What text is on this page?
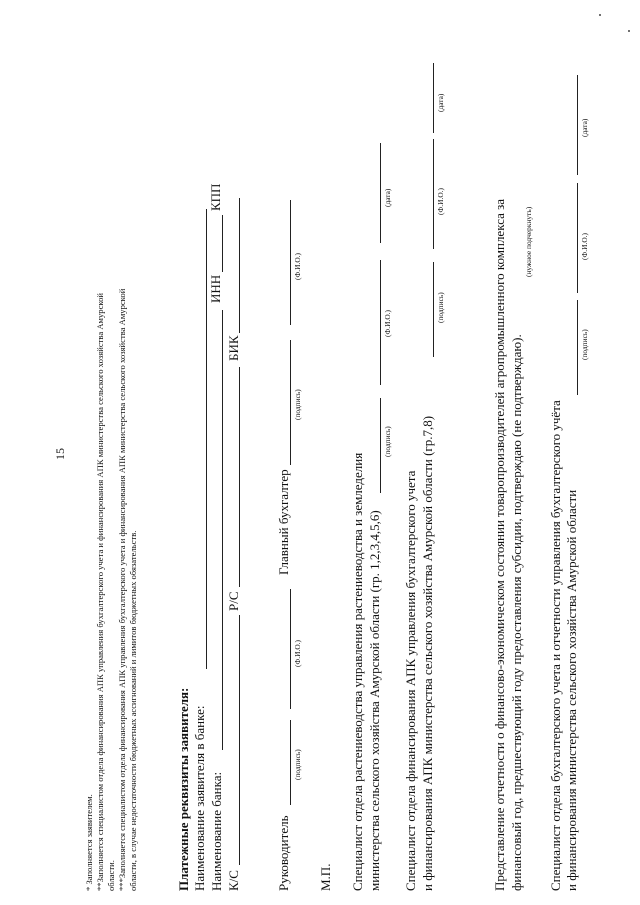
15
* Заполняется заявителем. **Заполняется специалистом отдела финансирования АПК управления бухгалтерского учета и финансирования АПК министерства сельского хозяйства Амурской области. ***Заполняется специалистом отдела финансирования АПК управления бухгалтерского учета и финансирования АПК министерства сельского хозяйства Амурской области, в случае недостаточности бюджетных ассигнований и лимитов бюджетных обязательств.	Платежные реквизиты заявителя: Наименование заявителя в банке: Наименование банка:
ИНН
КПП
К/С
Р/С
БИК
Руководитель
(подпись)
(Ф.И.О.)
Главный бухгалтер
(подпись)
(Ф.И.О.)
М.П. Специалист отдела растениеводства управления растениеводства и земледелия министерства сельского хозяйства Амурской области (гр. 1,2,3,4,5,6)
(подпись)
(Ф.И.О.)
(дата)
Специалист отдела финансирования АПК управления бухгалтерского учета и финансирования АПК министерства сельского хозяйства Амурской области (гр.7,8)
(подпись)
(Ф.И.О.)
(дата)
Представление отчетности о финансово-экономическом состоянии товаропроизводителей агропромышленного комплекса за финансовый год, предшествующий году предоставления субсидии, подтверждаю (не подтверждаю).
(нужное подчеркнуть)
Специалист отдела бухгалтерского учета и отчетности управления бухгалтерского учёта и финансирования министерства сельского хозяйства Амурской области
(подпись)
(Ф.И.О.)
(дата)
